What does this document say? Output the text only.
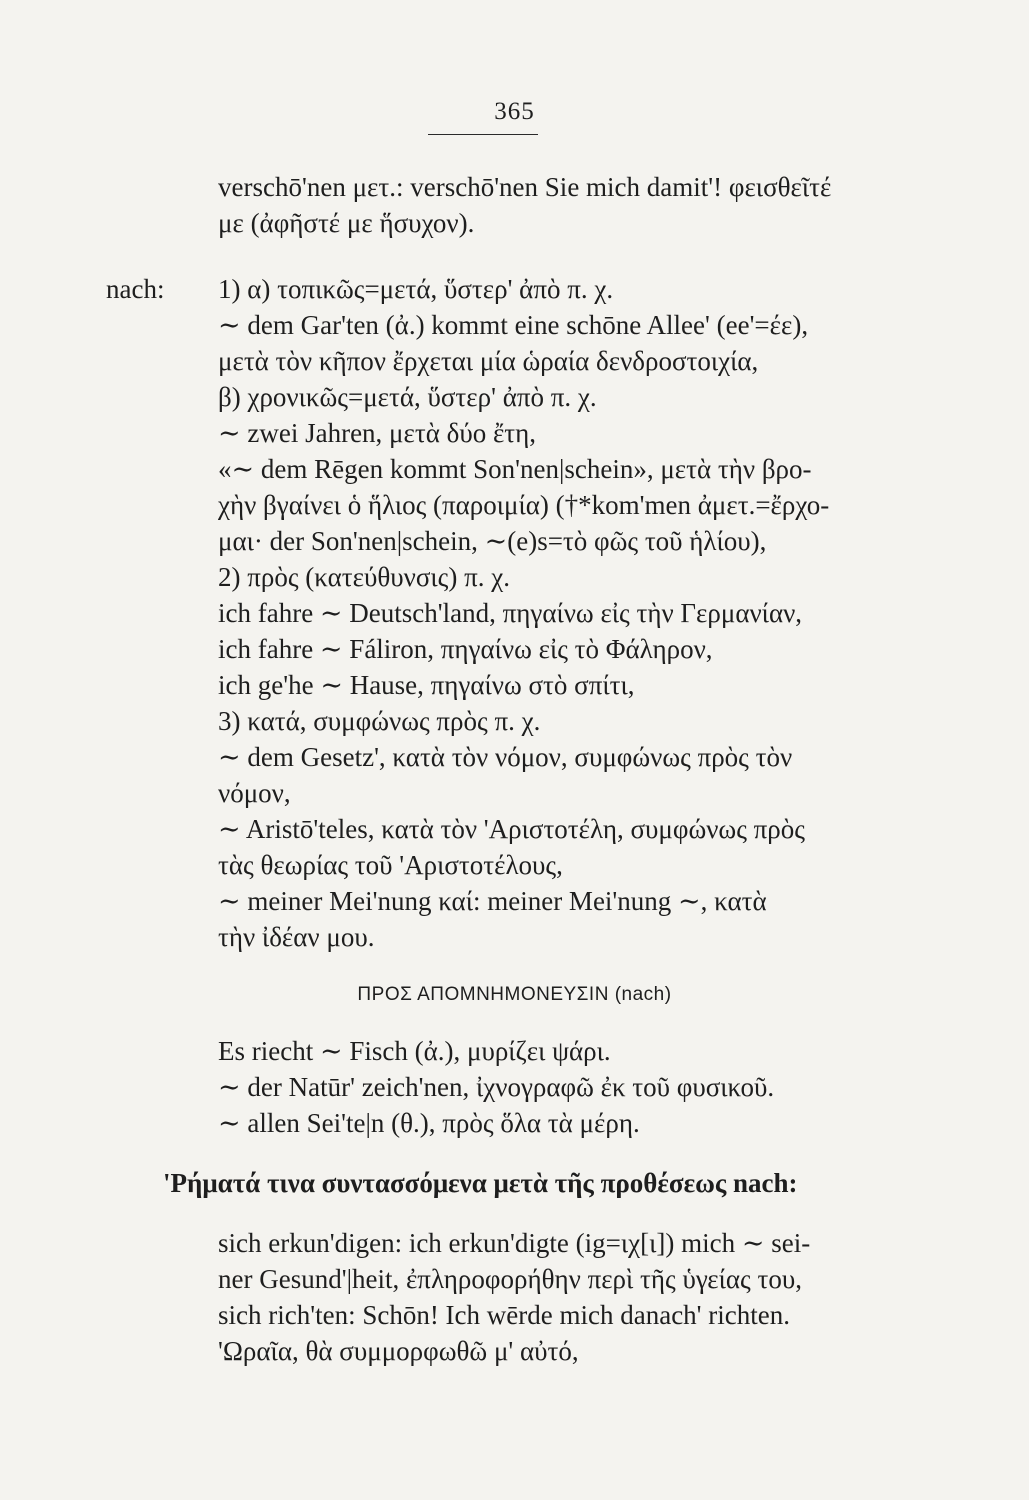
365
verschō'nen μετ.: verschō'nen Sie mich damit'! φεισθεῖτέ
με (ἀφῆστέ με ἥσυχον).
nach: 1) α) τοπικῶς=μετά, ὕστερ' ἀπὸ π. χ.
∼ dem Gar'ten (ἀ.) kommt eine schōne Allee' (ee'=έε),
μετὰ τὸν κῆπον ἔρχεται μία ὡραία δενδροστοιχία,
β) χρονικῶς=μετά, ὕστερ' ἀπὸ π. χ.
∼ zwei Jahren, μετὰ δύο ἔτη,
«∼ dem Rēgen kommt Son'nen|schein», μετὰ τὴν βρο-
χὴν βγαίνει ὁ ἥλιος (παροιμία) (†*kom'men ἀμετ.=ἔρχο-
μαι· der Son'nen|schein, ∼(e)s=τὸ φῶς τοῦ ἡλίου),
2) πρὸς (κατεύθυνσις) π. χ.
ich fahre ∼ Deutsch'land, πηγαίνω εἰς τὴν Γερμανίαν,
ich fahre ∼ Fáliron, πηγαίνω εἰς τὸ Φάληρον,
ich ge'he ∼ Hause, πηγαίνω στὸ σπίτι,
3) κατά, συμφώνως πρὸς π. χ.
∼ dem Gesetz', κατὰ τὸν νόμον, συμφώνως πρὸς τὸν
νόμον,
∼ Aristō'teles, κατὰ τὸν 'Αριστοτέλη, συμφώνως πρὸς
τὰς θεωρίας τοῦ 'Αριστοτέλους,
∼ meiner Mei'nung καί: meiner Mei'nung ∼, κατὰ
τὴν ἰδέαν μου.
ΠΡΟΣ ΑΠΟΜΝΗΜΟΝΕΥΣΙΝ (nach)
Es riecht ∼ Fisch (ἀ.), μυρίζει ψάρι.
∼ der Natūr' zeich'nen, ἰχνογραφῶ ἐκ τοῦ φυσικοῦ.
∼ allen Sei'te|n (θ.), πρὸς ὅλα τὰ μέρη.
'Ρήματά τινα συντασσόμενα μετὰ τῆς προθέσεως nach:
sich erkun'digen: ich erkun'digte (ig=ιχ[ι]) mich ∼ sei-
ner Gesund'|heit, ἐπληροφορήθην περὶ τῆς ὑγείας του,
sich rich'ten: Schōn! Ich wērde mich danach' richten.
'Ωραῖα, θὰ συμμορφωθῶ μ' αὐτό,
